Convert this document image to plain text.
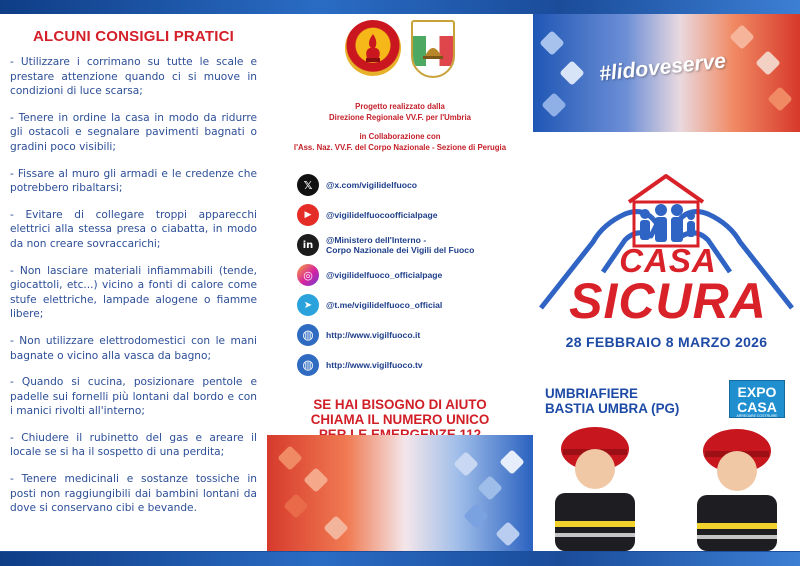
ALCUNI CONSIGLI PRATICI

- Utilizzare i corrimano su tutte le scale e prestare attenzione quando ci si muove in condizioni di luce scarsa;

- Tenere in ordine la casa in modo da ridurre gli ostacoli e segnalare pavimenti bagnati o gradini poco visibili;

- Fissare al muro gli armadi e le credenze che potrebbero ribaltarsi;

- Evitare di collegare troppi apparecchi elettrici alla stessa presa o ciabatta, in modo da non creare sovraccarichi;

- Non lasciare materiali infiammabili (tende, giocattoli, etc...) vicino a fonti di calore come stufe elettriche, lampade alogene o fiamme libere;

- Non utilizzare elettrodomestici con le mani bagnate o vicino alla vasca da bagno;

- Quando si cucina, posizionare pentole e padelle sui fornelli più lontani dal bordo e con i manici rivolti all'interno;

- Chiudere il rubinetto del gas e areare il locale se si ha il sospetto di una perdita;

- Tenere medicinali e sostanze tossiche in posti non raggiungibili dai bambini lontani da dove si conservano cibi e bevande.

Progetto realizzato dalla
Direzione Regionale VV.F. per l'Umbria
in Collaborazione con
l'Ass. Naz. VV.F. del Corpo Nazionale - Sezione di Perugia
𝕏	@x.com/vigilidelfuoco
▶	@vigilidelfuocoofficialpage
in	@Ministero dell'Interno -
Corpo Nazionale dei Vigili del Fuoco
◎	@vigilidelfuoco_officialpage
➤	@t.me/vigilidelfuoco_official
◍	http://www.vigilfuoco.it
◍	http://www.vigilfuoco.tv
SE HAI BISOGNO DI AIUTO
CHIAMA IL NUMERO UNICO
#lidoveserve
CASA
SICURA
28 FEBBRAIO 8 MARZO 2026
UMBRIAFIERE
BASTIA UMBRA (PG)
EXPO
CASA
ARREDARE COSTRUIRE RISTRUTTURARE
